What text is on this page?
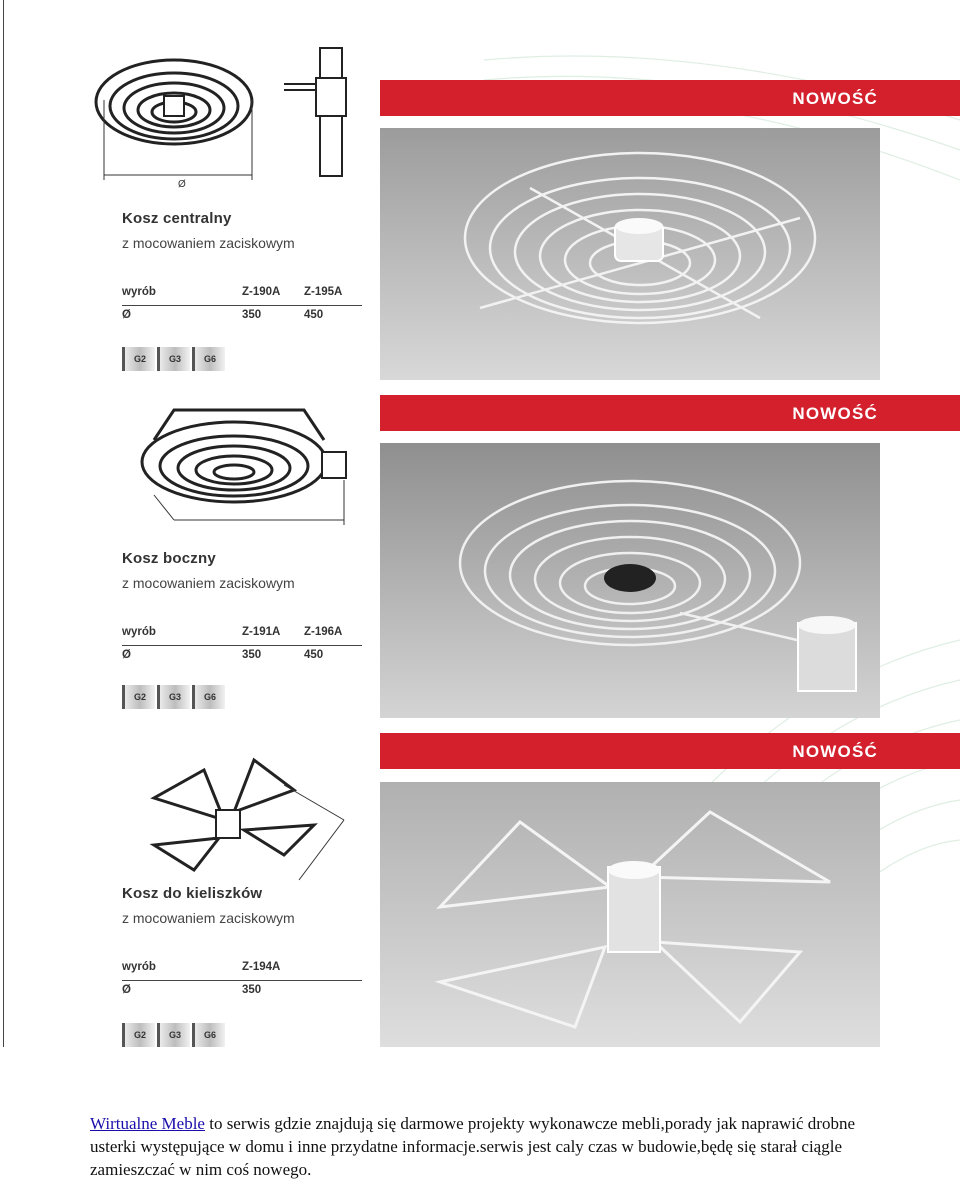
Ø
Kosz centralny
z mocowaniem zaciskowym
wyrób	Z-190A Z-195A
Ø	350	450
G2	G3	G6
NOWOŚĆ
Kosz boczny
z mocowaniem zaciskowym
wyrób	Z-191A Z-196A
Ø	350	450
G2	G3	G6
NOWOŚĆ
Kosz do kieliszków
z mocowaniem zaciskowym
wyrób	Z-194A
Ø	350
G2	G3	G6
NOWOŚĆ
Wirtualne Meble to serwis gdzie znajdują się darmowe projekty wykonawcze mebli,porady jak naprawić drobne usterki występujące w domu i inne przydatne informacje.serwis jest caly czas w budowie,będę się starał ciągle zamieszczać w nim coś nowego.
